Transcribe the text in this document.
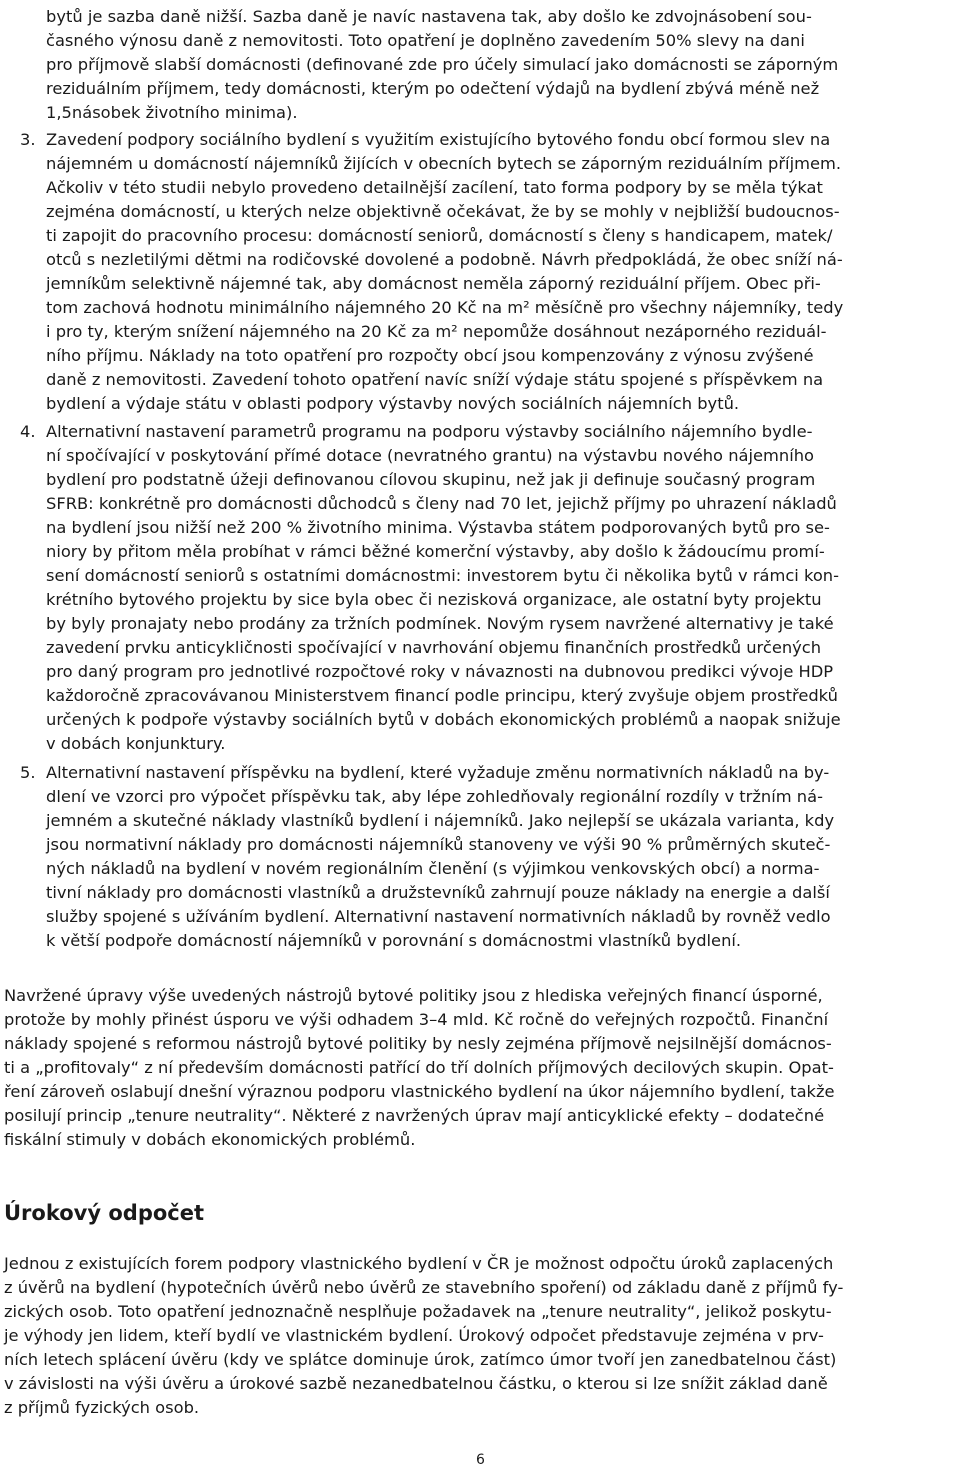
bytů je sazba daně nižší. Sazba daně je navíc nastavena tak, aby došlo ke zdvojnásobení sou-
časného výnosu daně z nemovitosti. Toto opatření je doplněno zavedením 50% slevy na dani
pro příjmově slabší domácnosti (definované zde pro účely simulací jako domácnosti se záporným
reziduálním příjmem, tedy domácnosti, kterým po odečtení výdajů na bydlení zbývá méně než
1,5násobek životního minima).
3. Zavedení podpory sociálního bydlení s využitím existujícího bytového fondu obcí formou slev na
nájemném u domácností nájemníků žijících v obecních bytech se záporným reziduálním příjmem.
Ačkoliv v této studii nebylo provedeno detailnější zacílení, tato forma podpory by se měla týkat
zejména domácností, u kterých nelze objektivně očekávat, že by se mohly v nejbližší budoucnos-
ti zapojit do pracovního procesu: domácností seniorů, domácností s členy s handicapem, matek/
otců s nezletilými dětmi na rodičovské dovolené a podobně. Návrh předpokládá, že obec sníží ná-
jemníkům selektivně nájemné tak, aby domácnost neměla záporný reziduální příjem. Obec při-
tom zachová hodnotu minimálního nájemného 20 Kč na m² měsíčně pro všechny nájemníky, tedy
i pro ty, kterým snížení nájemného na 20 Kč za m² nepomůže dosáhnout nezáporného reziduál-
ního příjmu. Náklady na toto opatření pro rozpočty obcí jsou kompenzovány z výnosu zvýšené
daně z nemovitosti. Zavedení tohoto opatření navíc sníží výdaje státu spojené s příspěvkem na
bydlení a výdaje státu v oblasti podpory výstavby nových sociálních nájemních bytů.
4. Alternativní nastavení parametrů programu na podporu výstavby sociálního nájemního bydle-
ní spočívající v poskytování přímé dotace (nevratného grantu) na výstavbu nového nájemního
bydlení pro podstatně úžeji definovanou cílovou skupinu, než jak ji definuje současný program
SFRB: konkrétně pro domácnosti důchodců s členy nad 70 let, jejichž příjmy po uhrazení nákladů
na bydlení jsou nižší než 200 % životního minima. Výstavba státem podporovaných bytů pro se-
niory by přitom měla probíhat v rámci běžné komerční výstavby, aby došlo k žádoucímu promí-
sení domácností seniorů s ostatními domácnostmi: investorem bytu či několika bytů v rámci kon-
krétního bytového projektu by sice byla obec či nezisková organizace, ale ostatní byty projektu
by byly pronajaty nebo prodány za tržních podmínek. Novým rysem navržené alternativy je také
zavedení prvku anticykličnosti spočívající v navrhování objemu finančních prostředků určených
pro daný program pro jednotlivé rozpočtové roky v návaznosti na dubnovou predikci vývoje HDP
každoročně zpracovávanou Ministerstvem financí podle principu, který zvyšuje objem prostředků
určených k podpoře výstavby sociálních bytů v dobách ekonomických problémů a naopak snižuje
v dobách konjunktury.
5. Alternativní nastavení příspěvku na bydlení, které vyžaduje změnu normativních nákladů na by-
dlení ve vzorci pro výpočet příspěvku tak, aby lépe zohledňovaly regionální rozdíly v tržním ná-
jemném a skutečné náklady vlastníků bydlení i nájemníků. Jako nejlepší se ukázala varianta, kdy
jsou normativní náklady pro domácnosti nájemníků stanoveny ve výši 90 % průměrných skuteč-
ných nákladů na bydlení v novém regionálním členění (s výjimkou venkovských obcí) a norma-
tivní náklady pro domácnosti vlastníků a družstevníků zahrnují pouze náklady na energie a další
služby spojené s užíváním bydlení. Alternativní nastavení normativních nákladů by rovněž vedlo
k větší podpoře domácností nájemníků v porovnání s domácnostmi vlastníků bydlení.
Navržené úpravy výše uvedených nástrojů bytové politiky jsou z hlediska veřejných financí úsporné,
protože by mohly přinést úsporu ve výši odhadem 3–4 mld. Kč ročně do veřejných rozpočtů. Finanční
náklady spojené s reformou nástrojů bytové politiky by nesly zejména příjmově nejsilnější domácnos-
ti a „profitovaly“ z ní především domácnosti patřící do tří dolních příjmových decilových skupin. Opat-
ření zároveň oslabují dnešní výraznou podporu vlastnického bydlení na úkor nájemního bydlení, takže
posilují princip „tenure neutrality“. Některé z navržených úprav mají anticyklické efekty – dodatečné
fiskální stimuly v dobách ekonomických problémů.
Úrokový odpočet
Jednou z existujících forem podpory vlastnického bydlení v ČR je možnost odpočtu úroků zaplacených
z úvěrů na bydlení (hypotečních úvěrů nebo úvěrů ze stavebního spoření) od základu daně z příjmů fy-
zických osob. Toto opatření jednoznačně nesplňuje požadavek na „tenure neutrality“, jelikož poskytu-
je výhody jen lidem, kteří bydlí ve vlastnickém bydlení. Úrokový odpočet představuje zejména v prv-
ních letech splácení úvěru (kdy ve splátce dominuje úrok, zatímco úmor tvoří jen zanedbatelnou část)
v závislosti na výši úvěru a úrokové sazbě nezanedbatelnou částku, o kterou si lze snížit základ daně
z příjmů fyzických osob.
6
